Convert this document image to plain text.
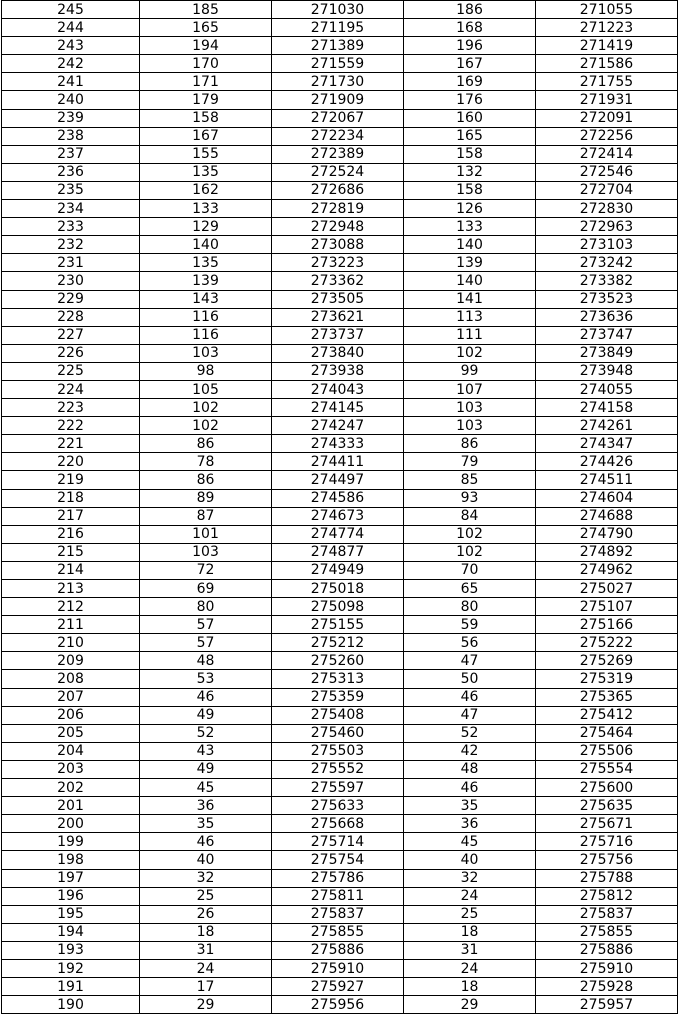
245	185	271030	186	271055
244	165	271195	168	271223
243	194	271389	196	271419
242	170	271559	167	271586
241	171	271730	169	271755
240	179	271909	176	271931
239	158	272067	160	272091
238	167	272234	165	272256
237	155	272389	158	272414
236	135	272524	132	272546
235	162	272686	158	272704
234	133	272819	126	272830
233	129	272948	133	272963
232	140	273088	140	273103
231	135	273223	139	273242
230	139	273362	140	273382
229	143	273505	141	273523
228	116	273621	113	273636
227	116	273737	111	273747
226	103	273840	102	273849
225	98	273938	99	273948
224	105	274043	107	274055
223	102	274145	103	274158
222	102	274247	103	274261
221	86	274333	86	274347
220	78	274411	79	274426
219	86	274497	85	274511
218	89	274586	93	274604
217	87	274673	84	274688
216	101	274774	102	274790
215	103	274877	102	274892
214	72	274949	70	274962
213	69	275018	65	275027
212	80	275098	80	275107
211	57	275155	59	275166
210	57	275212	56	275222
209	48	275260	47	275269
208	53	275313	50	275319
207	46	275359	46	275365
206	49	275408	47	275412
205	52	275460	52	275464
204	43	275503	42	275506
203	49	275552	48	275554
202	45	275597	46	275600
201	36	275633	35	275635
200	35	275668	36	275671
199	46	275714	45	275716
198	40	275754	40	275756
197	32	275786	32	275788
196	25	275811	24	275812
195	26	275837	25	275837
194	18	275855	18	275855
193	31	275886	31	275886
192	24	275910	24	275910
191	17	275927	18	275928
190	29	275956	29	275957
